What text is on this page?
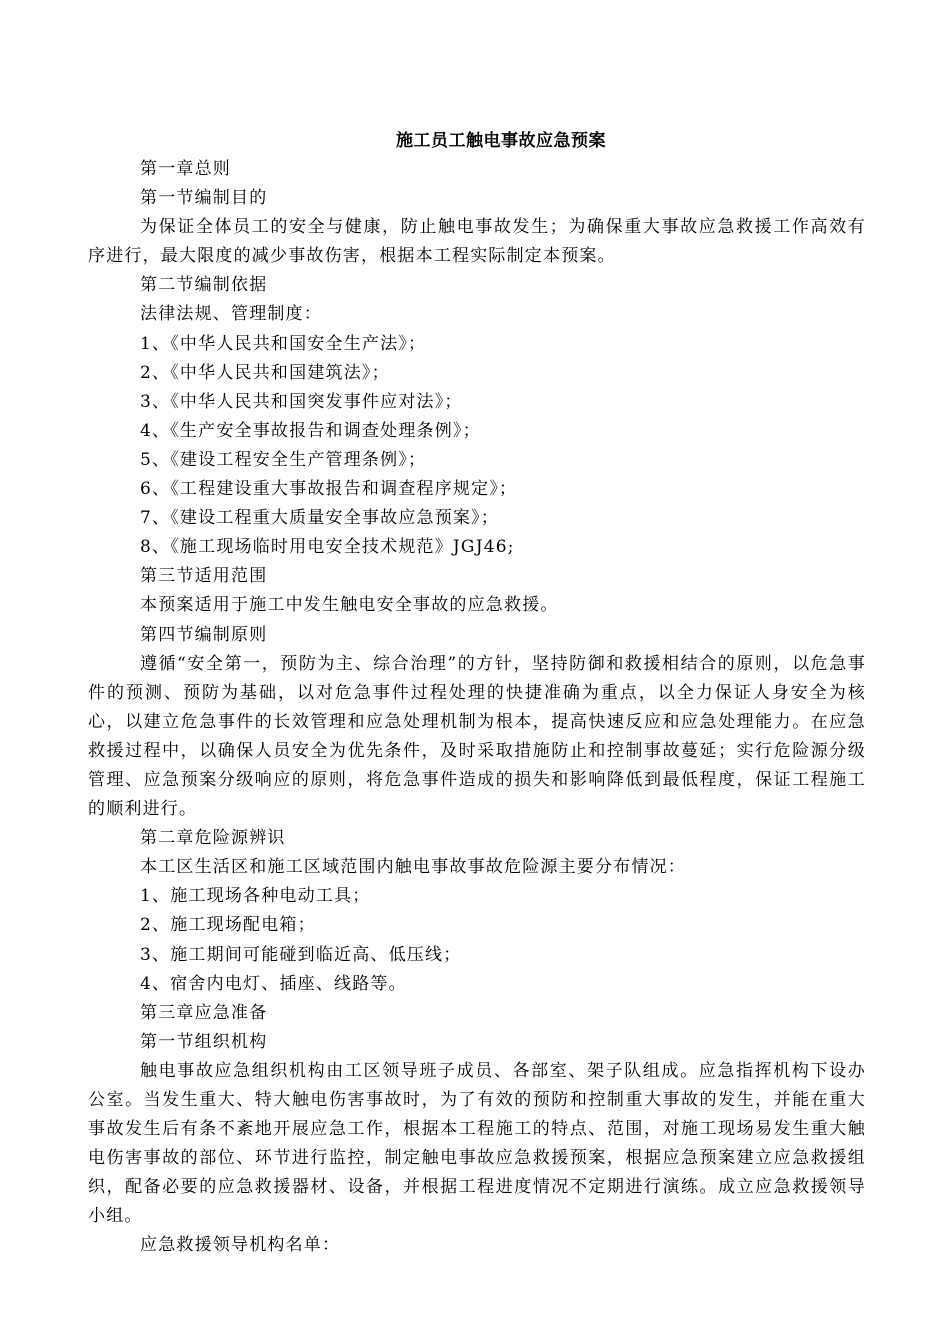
施工员工触电事故应急预案

第一章总则

第一节编制目的

为保证全体员工的安全与健康，防止触电事故发生；为确保重大事故应急救援工作高效有序进行，最大限度的减少事故伤害，根据本工程实际制定本预案。

第二节编制依据

法律法规、管理制度：

1、《中华人民共和国安全生产法》；

2、《中华人民共和国建筑法》；

3、《中华人民共和国突发事件应对法》；

4、《生产安全事故报告和调查处理条例》；

5、《建设工程安全生产管理条例》；

6、《工程建设重大事故报告和调查程序规定》；

7、《建设工程重大质量安全事故应急预案》；

8、《施工现场临时用电安全技术规范》JGJ46;

第三节适用范围

本预案适用于施工中发生触电安全事故的应急救援。

第四节编制原则

遵循“安全第一，预防为主、综合治理”的方针，坚持防御和救援相结合的原则，以危急事件的预测、预防为基础，以对危急事件过程处理的快捷准确为重点，以全力保证人身安全为核心，以建立危急事件的长效管理和应急处理机制为根本，提高快速反应和应急处理能力。在应急救援过程中，以确保人员安全为优先条件，及时采取措施防止和控制事故蔓延；实行危险源分级管理、应急预案分级响应的原则，将危急事件造成的损失和影响降低到最低程度，保证工程施工的顺利进行。

第二章危险源辨识

本工区生活区和施工区域范围内触电事故事故危险源主要分布情况：

1、施工现场各种电动工具；

2、施工现场配电箱；

3、施工期间可能碰到临近高、低压线；

4、宿舍内电灯、插座、线路等。

第三章应急准备

第一节组织机构

触电事故应急组织机构由工区领导班子成员、各部室、架子队组成。应急指挥机构下设办公室。当发生重大、特大触电伤害事故时，为了有效的预防和控制重大事故的发生，并能在重大事故发生后有条不紊地开展应急工作，根据本工程施工的特点、范围，对施工现场易发生重大触电伤害事故的部位、环节进行监控，制定触电事故应急救援预案，根据应急预案建立应急救援组织，配备必要的应急救援器材、设备，并根据工程进度情况不定期进行演练。成立应急救援领导小组。

应急救援领导机构名单：
